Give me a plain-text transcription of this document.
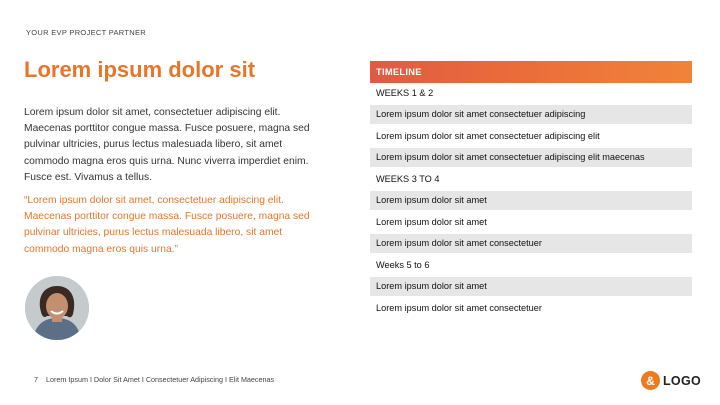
YOUR EVP PROJECT PARTNER
Lorem ipsum dolor sit
Lorem ipsum dolor sit amet, consectetuer adipiscing elit. Maecenas porttitor congue massa. Fusce posuere, magna sed pulvinar ultricies, purus lectus malesuada libero, sit amet commodo magna eros quis urna. Nunc viverra imperdiet enim. Fusce est. Vivamus a tellus.
“Lorem ipsum dolor sit amet, consectetuer adipiscing elit. Maecenas porttitor congue massa. Fusce posuere, magna sed pulvinar ultricies, purus lectus malesuada libero, sit amet commodo magna eros quis urna.”
TIMELINE
WEEKS 1 & 2
Lorem ipsum dolor sit amet consectetuer adipiscing
Lorem ipsum dolor sit amet consectetuer adipiscing elit
Lorem ipsum dolor sit amet consectetuer adipiscing elit maecenas
WEEKS 3 TO 4
Lorem ipsum dolor sit amet
Lorem ipsum dolor sit amet
Lorem ipsum dolor sit amet consectetuer
Weeks 5 to 6
Lorem ipsum dolor sit amet
Lorem ipsum dolor sit amet consectetuer
7 Lorem Ipsum I Dolor Sit Amet I Consectetuer Adipiscing I Elit Maecenas	& LOGO
